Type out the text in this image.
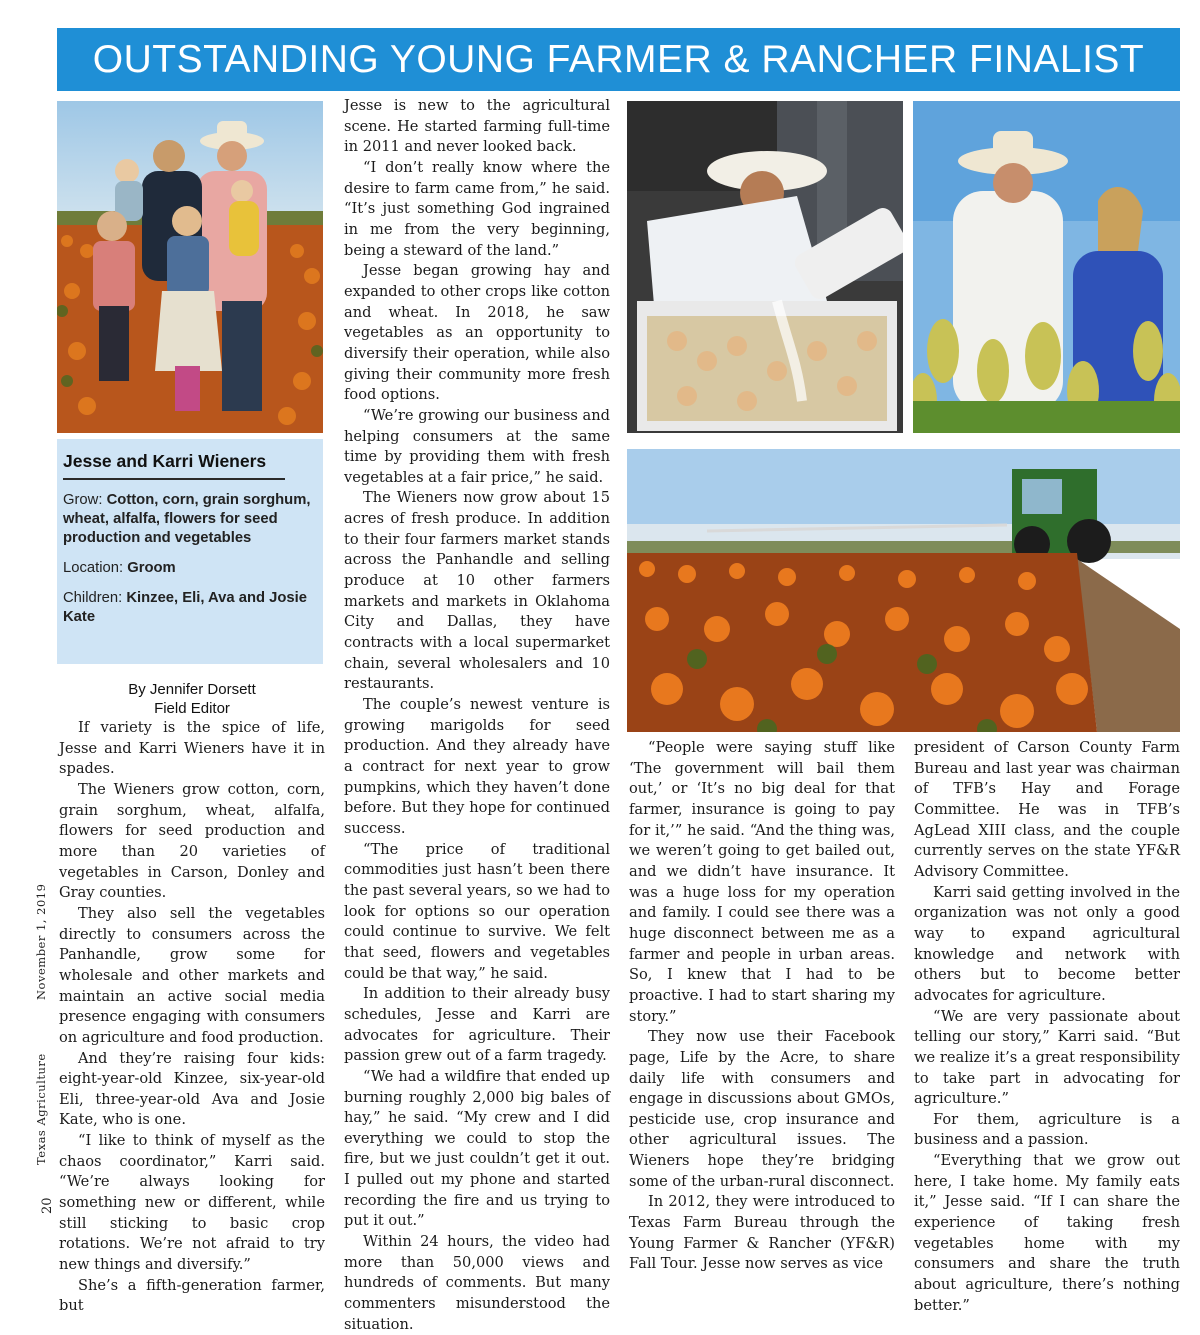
OUTSTANDING YOUNG FARMER & RANCHER FINALIST
Jesse and Karri Wieners
Grow: Cotton, corn, grain sorghum, wheat, alfalfa, flowers for seed production and vegetables
Location: Groom
Children: Kinzee, Eli, Ava and Josie Kate
By Jennifer Dorsett
Field Editor
Texas Agriculture
November 1, 2019
20

If variety is the spice of life, Jesse and Karri Wieners have it in spades.

The Wieners grow cotton, corn, grain sorghum, wheat, alfalfa, flowers for seed production and more than 20 varieties of vegetables in Carson, Donley and Gray counties.

They also sell the vegetables directly to consumers across the Panhandle, grow some for wholesale and other markets and maintain an active social media presence engaging with consumers on agriculture and food production.

And they’re raising four kids: eight-year-old Kinzee, six-year-old Eli, three-year-old Ava and Josie Kate, who is one.

“I like to think of myself as the chaos coordinator,” Karri said. “We’re always looking for something new or different, while still sticking to basic crop rotations. We’re not afraid to try new things and diversify.”

She’s a fifth-generation farmer, but

Jesse is new to the agricultural scene. He started farming full-time in 2011 and never looked back.

“I don’t really know where the desire to farm came from,” he said. “It’s just something God ingrained in me from the very beginning, being a steward of the land.”

Jesse began growing hay and expanded to other crops like cotton and wheat. In 2018, he saw vegetables as an opportunity to diversify their operation, while also giving their community more fresh food options.

“We’re growing our business and helping consumers at the same time by providing them with fresh vegetables at a fair price,” he said.

The Wieners now grow about 15 acres of fresh produce. In addition to their four farmers market stands across the Panhandle and selling produce at 10 other farmers markets and markets in Oklahoma City and Dallas, they have contracts with a local supermarket chain, several wholesalers and 10 restaurants.

The couple’s newest venture is growing marigolds for seed production. And they already have a contract for next year to grow pumpkins, which they haven’t done before. But they hope for continued success.

“The price of traditional commodities just hasn’t been there the past several years, so we had to look for options so our operation could continue to survive. We felt that seed, flowers and vegetables could be that way,” he said.

In addition to their already busy schedules, Jesse and Karri are advocates for agriculture. Their passion grew out of a farm tragedy.

“We had a wildfire that ended up burning roughly 2,000 big bales of hay,” he said. “My crew and I did everything we could to stop the fire, but we just couldn’t get it out. I pulled out my phone and started recording the fire and us trying to put it out.”

Within 24 hours, the video had more than 50,000 views and hundreds of comments. But many commenters misunderstood the situation.

“People were saying stuff like ‘The government will bail them out,’ or ‘It’s no big deal for that farmer, insurance is going to pay for it,’” he said. “And the thing was, we weren’t going to get bailed out, and we didn’t have insurance. It was a huge loss for my operation and family. I could see there was a huge disconnect between me as a farmer and people in urban areas. So, I knew that I had to be proactive. I had to start sharing my story.”

They now use their Facebook page, Life by the Acre, to share daily life with consumers and engage in discussions about GMOs, pesticide use, crop insurance and other agricultural issues. The Wieners hope they’re bridging some of the urban-rural disconnect.

In 2012, they were introduced to Texas Farm Bureau through the Young Farmer & Rancher (YF&R) Fall Tour. Jesse now serves as vice

president of Carson County Farm Bureau and last year was chairman of TFB’s Hay and Forage Committee. He was in TFB’s AgLead XIII class, and the couple currently serves on the state YF&R Advisory Committee.

Karri said getting involved in the organization was not only a good way to expand agricultural knowledge and network with others but to become better advocates for agriculture.

“We are very passionate about telling our story,” Karri said. “But we realize it’s a great responsibility to take part in advocating for agriculture.”

For them, agriculture is a business and a passion.

“Everything that we grow out here, I take home. My family eats it,” Jesse said. “If I can share the experience of taking fresh vegetables home with my consumers and share the truth about agriculture, there’s nothing better.”
